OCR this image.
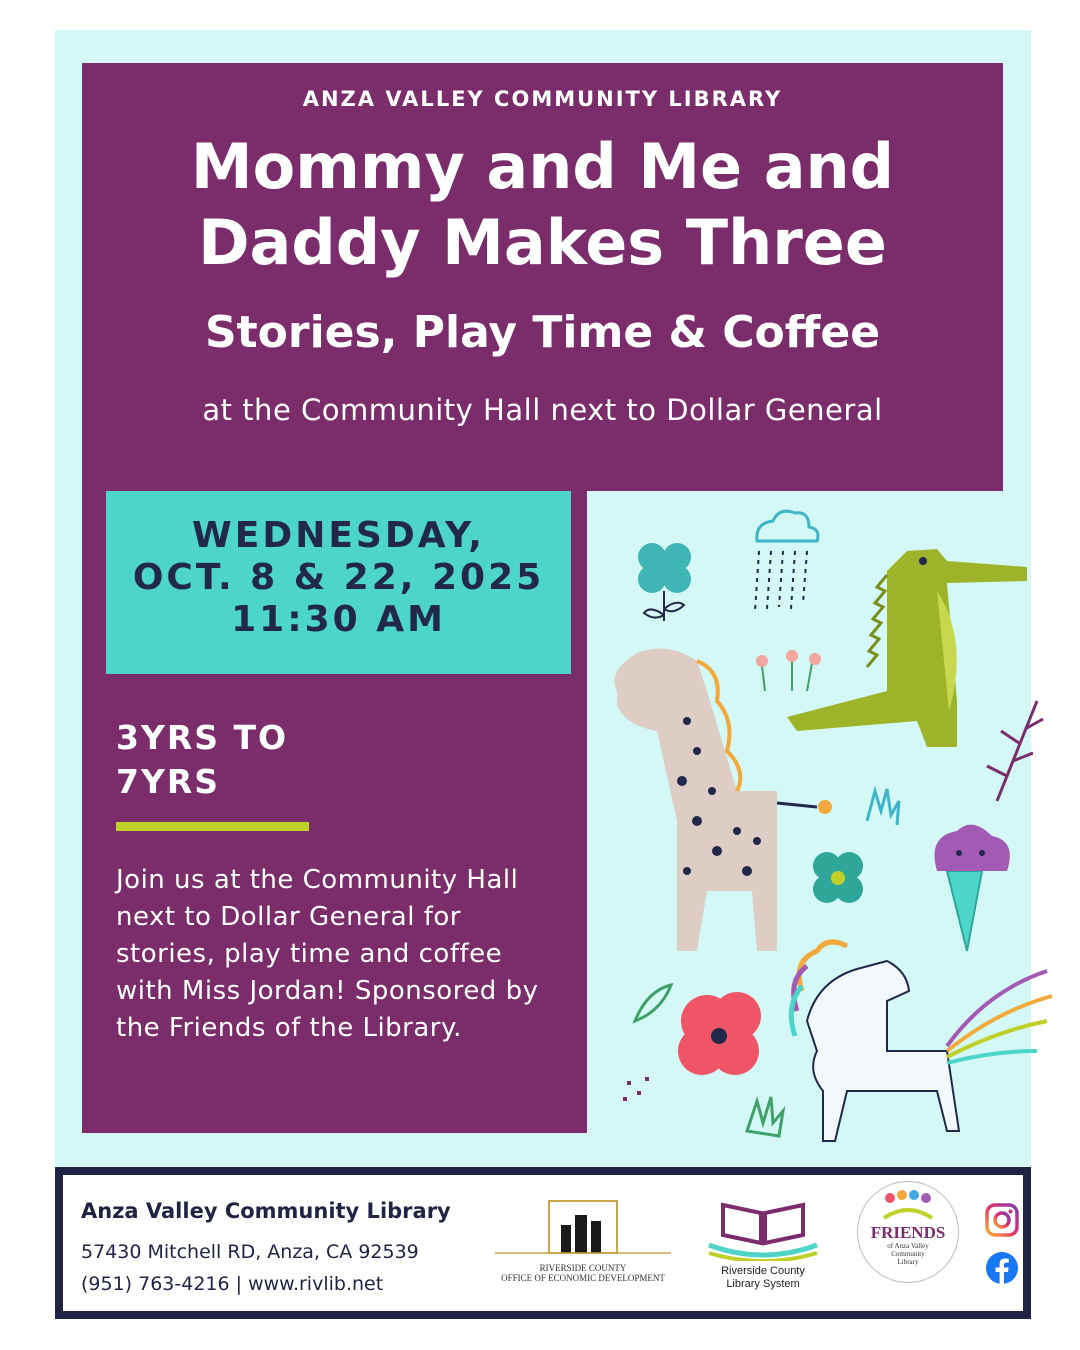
ANZA VALLEY COMMUNITY LIBRARY
Mommy and Me and
Daddy Makes Three
Stories, Play Time & Coffee
at the Community Hall next to Dollar General
WEDNESDAY,
OCT. 8 & 22, 2025
11:30 AM
3YRS TO
7YRS
Join us at the Community Hall next to Dollar General for stories, play time and coffee with Miss Jordan! Sponsored by the Friends of the Library.
Anza Valley Community Library
57430 Mitchell RD, Anza, CA 92539
(951) 763-4216 | www.rivlib.net
RIVERSIDE COUNTY
OFFICE OF ECONOMIC DEVELOPMENT
Riverside County
Library System
FRIENDS
of Anza Valley
Community
Library
